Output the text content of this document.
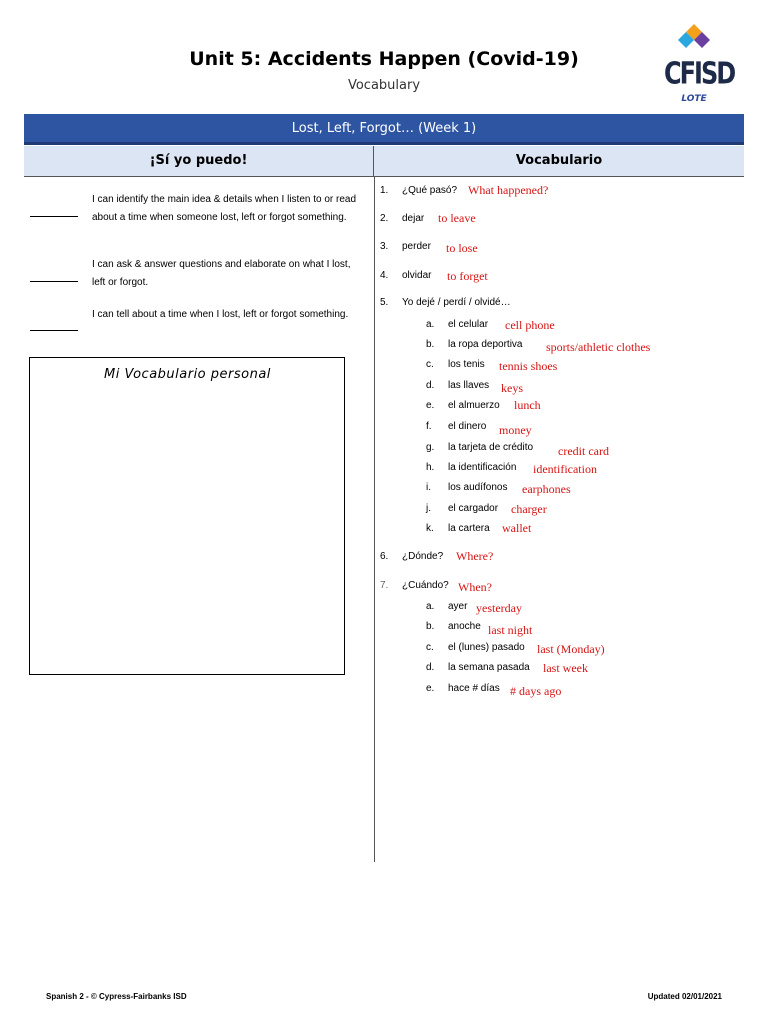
Unit 5: Accidents Happen (Covid-19)
Vocabulary	CFISD
LOTE
Lost, Left, Forgot… (Week 1)
¡Sí yo puedo!	Vocabulario
I can identify the main idea & details when I listen to or read about a time when someone lost, left or forgot something.
I can ask & answer questions and elaborate on what I lost, left or forgot.
I can tell about a time when I lost, left or forgot something.
Mi Vocabulario personal
1. ¿Qué pasó? What happened?
2. dejar to leave
3. perder to lose
4. olvidar to forget
5. Yo dejé / perdí / olvidé…
a. el celular cell phone
b. la ropa deportiva sports/athletic clothes
c. los tenis tennis shoes
d. las llaves keys
e. el almuerzo lunch
f. el dinero money
g. la tarjeta de crédito credit card
h. la identificación identification
i. los audífonos earphones
j. el cargador charger
k. la cartera wallet
6. ¿Dónde? Where?
7. ¿Cuándo? When?
a. ayer yesterday
b. anoche last night
c. el (lunes) pasado last (Monday)
d. la semana pasada last week
e. hace # días # days ago
Spanish 2 - © Cypress-Fairbanks ISD	Updated 02/01/2021
